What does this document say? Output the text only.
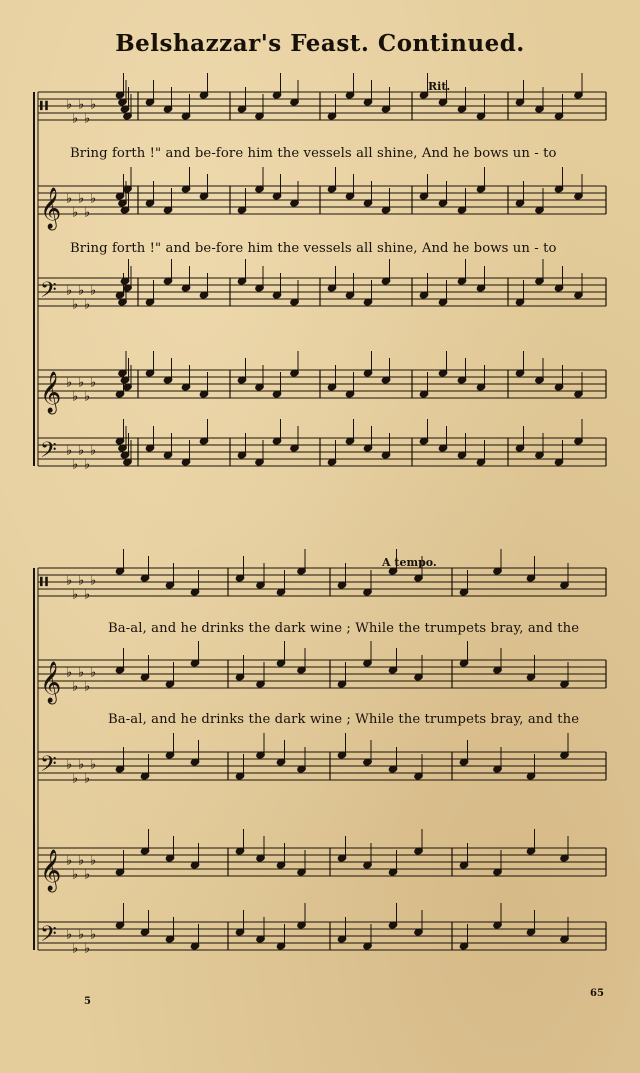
Belshazzar's Feast. Continued.
𝄥 ♭
♭
♭
♭
♭
𝄞 ♭
♭
♭
♭
♭
𝄢 ♭
♭
♭
♭
♭
𝄞 ♭
♭
♭
♭
♭
𝄢 ♭
♭
♭
♭
♭
𝄥 ♭
♭
♭
♭
♭
𝄞 ♭
♭
♭
♭
♭
𝄢 ♭
♭
♭
♭
♭
𝄞 ♭
♭
♭
♭
♭
𝄢 ♭
♭
♭
♭
♭
Rit.
A tempo.
Bring forth !" and be-fore him the vessels all shine, And he bows un - to
Bring forth !" and be-fore him the vessels all shine, And he bows un - to
Ba-al, and he drinks the dark wine ; While the trumpets bray, and the
Ba-al, and he drinks the dark wine ; While the trumpets bray, and the
5
65
